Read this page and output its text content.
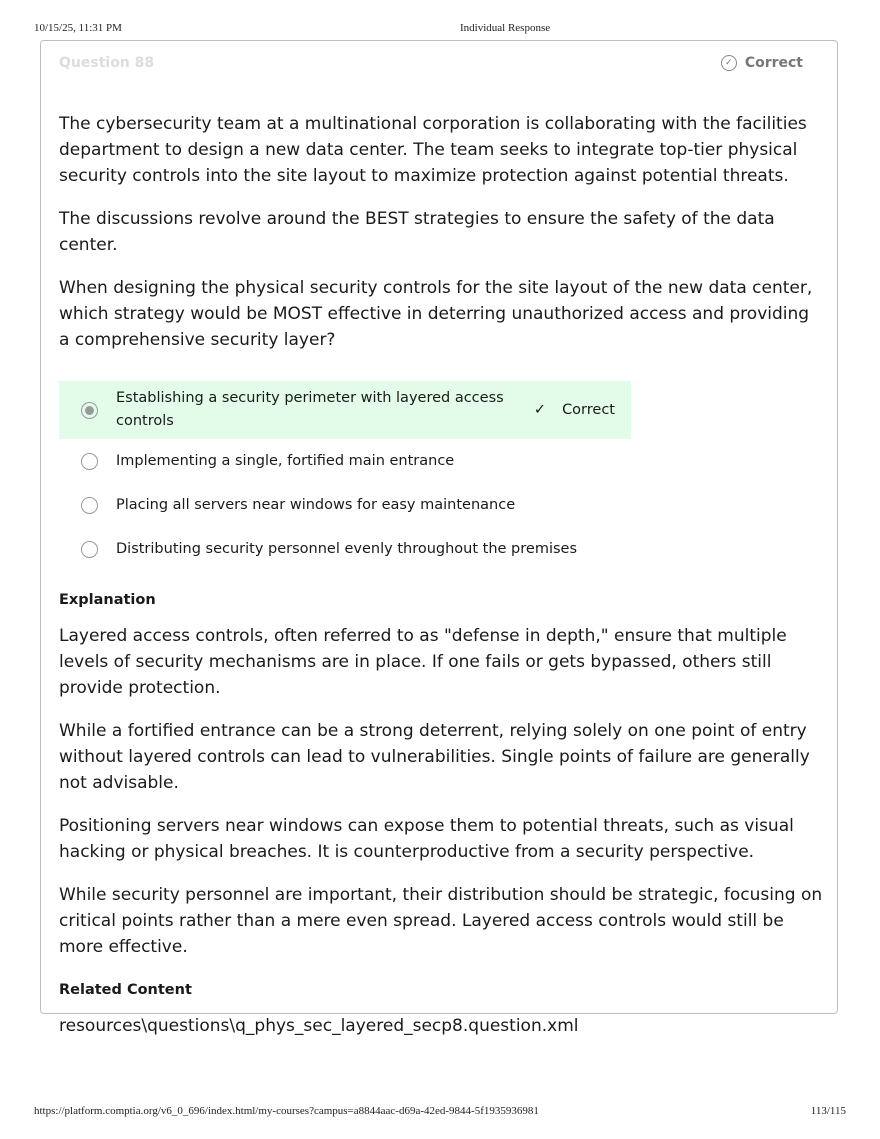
10/15/25, 11:31 PM	Individual Response
Question 88	✓ Correct

The cybersecurity team at a multinational corporation is collaborating with the facilities department to design a new data center. The team seeks to integrate top-tier physical security controls into the site layout to maximize protection against potential threats.

The discussions revolve around the BEST strategies to ensure the safety of the data center.

When designing the physical security controls for the site layout of the new data center, which strategy would be MOST effective in deterring unauthorized access and providing a comprehensive security layer?

Establishing a security perimeter with layered access controls
✓ Correct
Implementing a single, fortified main entrance
Placing all servers near windows for easy maintenance
Distributing security personnel evenly throughout the premises
Explanation

Layered access controls, often referred to as "defense in depth," ensure that multiple levels of security mechanisms are in place. If one fails or gets bypassed, others still provide protection.

While a fortified entrance can be a strong deterrent, relying solely on one point of entry without layered controls can lead to vulnerabilities. Single points of failure are generally not advisable.

Positioning servers near windows can expose them to potential threats, such as visual hacking or physical breaches. It is counterproductive from a security perspective.

While security personnel are important, their distribution should be strategic, focusing on critical points rather than a mere even spread. Layered access controls would still be more effective.

Related Content

resources\questions\q_phys_sec_layered_secp8.question.xml

https://platform.comptia.org/v6_0_696/index.html/my-courses?campus=a8844aac-d69a-42ed-9844-5f1935936981	113/115
